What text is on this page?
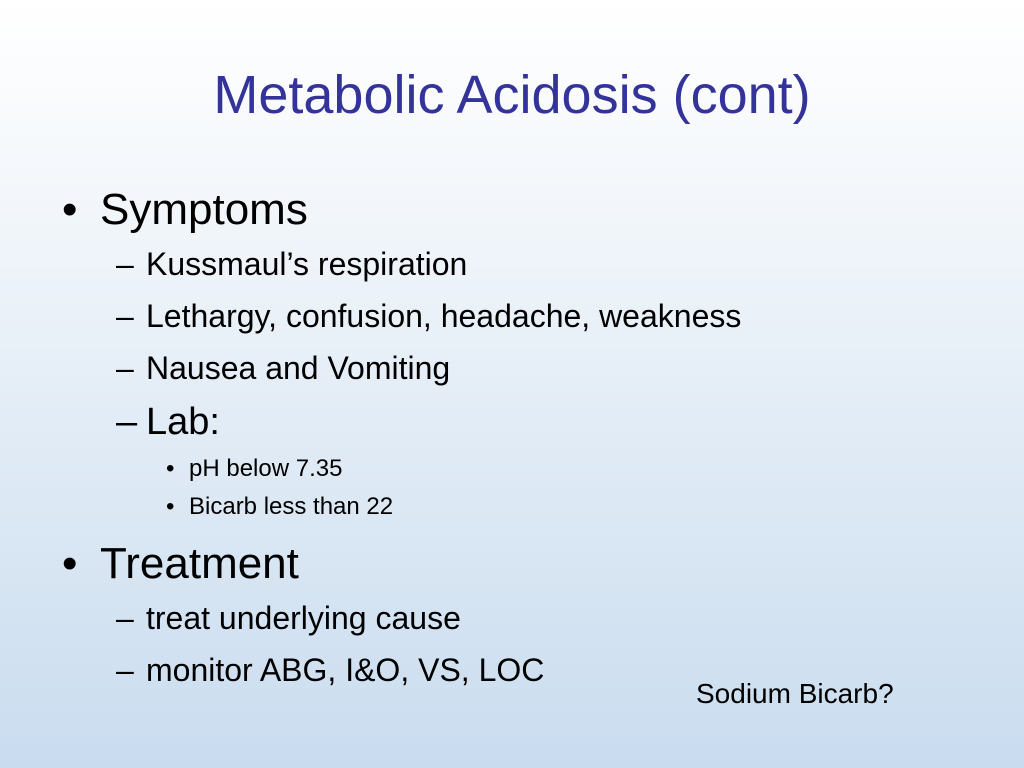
Metabolic Acidosis (cont)
• Symptoms
– Kussmaul’s respiration
– Lethargy, confusion, headache, weakness
– Nausea and Vomiting
– Lab:
• pH below 7.35
• Bicarb less than 22
• Treatment
– treat underlying cause
– monitor ABG, I&O, VS, LOC
Sodium Bicarb?
